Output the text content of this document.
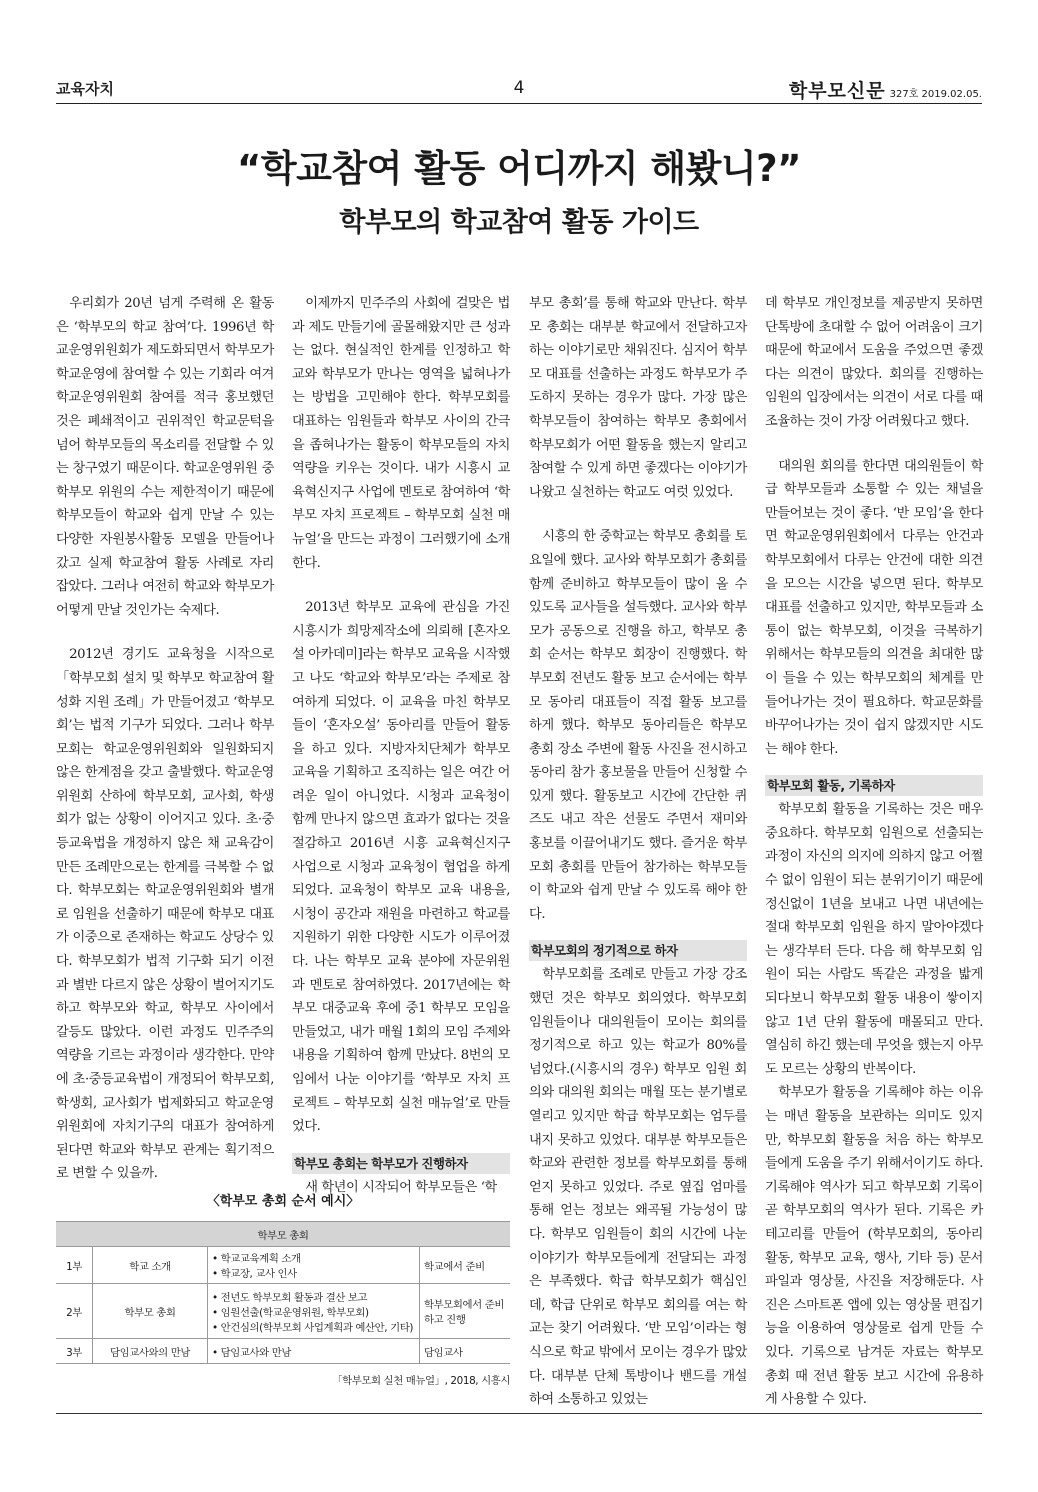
교육자치	4	학부모신문 327호 2019.02.05.
“학교참여 활동 어디까지 해봤니?”
학부모의 학교참여 활동 가이드

우리회가 20년 넘게 주력해 온 활동은 ‘학부모의 학교 참여’다. 1996년 학교운영위원회가 제도화되면서 학부모가 학교운영에 참여할 수 있는 기회라 여겨 학교운영위원회 참여를 적극 홍보했던 것은 폐쇄적이고 권위적인 학교문턱을 넘어 학부모들의 목소리를 전달할 수 있는 창구였기 때문이다. 학교운영위원 중 학부모 위원의 수는 제한적이기 때문에 학부모들이 학교와 쉽게 만날 수 있는 다양한 자원봉사활동 모델을 만들어나갔고 실제 학교참여 활동 사례로 자리 잡았다. 그러나 여전히 학교와 학부모가 어떻게 만날 것인가는 숙제다.

2012년 경기도 교육청을 시작으로 「학부모회 설치 및 학부모 학교참여 활성화 지원 조례」가 만들어졌고 ‘학부모회’는 법적 기구가 되었다. 그러나 학부모회는 학교운영위원회와 일원화되지 않은 한계점을 갖고 출발했다. 학교운영위원회 산하에 학부모회, 교사회, 학생회가 없는 상황이 이어지고 있다. 초·중등교육법을 개정하지 않은 채 교육감이 만든 조례만으로는 한계를 극복할 수 없다. 학부모회는 학교운영위원회와 별개로 임원을 선출하기 때문에 학부모 대표가 이중으로 존재하는 학교도 상당수 있다. 학부모회가 법적 기구화 되기 이전과 별반 다르지 않은 상황이 벌어지기도 하고 학부모와 학교, 학부모 사이에서 갈등도 많았다. 이런 과정도 민주주의 역량을 기르는 과정이라 생각한다. 만약에 초·중등교육법이 개정되어 학부모회, 학생회, 교사회가 법제화되고 학교운영위원회에 자치기구의 대표가 참여하게 된다면 학교와 학부모 관계는 획기적으로 변할 수 있을까.

이제까지 민주주의 사회에 걸맞은 법과 제도 만들기에 골몰해왔지만 큰 성과는 없다. 현실적인 한계를 인정하고 학교와 학부모가 만나는 영역을 넓혀나가는 방법을 고민해야 한다. 학부모회를 대표하는 임원들과 학부모 사이의 간극을 좁혀나가는 활동이 학부모들의 자치역량을 키우는 것이다. 내가 시흥시 교육혁신지구 사업에 멘토로 참여하여 ‘학부모 자치 프로젝트 – 학부모회 실천 매뉴얼’을 만드는 과정이 그러했기에 소개한다.

2013년 학부모 교육에 관심을 가진 시흥시가 희망제작소에 의뢰해 [혼자오설 아카데미]라는 학부모 교육을 시작했고 나도 ‘학교와 학부모’라는 주제로 참여하게 되었다. 이 교육을 마친 학부모들이 ‘혼자오설’ 동아리를 만들어 활동을 하고 있다. 지방자치단체가 학부모 교육을 기획하고 조직하는 일은 여간 어려운 일이 아니었다. 시청과 교육청이 함께 만나지 않으면 효과가 없다는 것을 절감하고 2016년 시흥 교육혁신지구 사업으로 시청과 교육청이 협업을 하게 되었다. 교육청이 학부모 교육 내용을, 시청이 공간과 재원을 마련하고 학교를 지원하기 위한 다양한 시도가 이루어졌다. 나는 학부모 교육 분야에 자문위원과 멘토로 참여하였다. 2017년에는 학부모 대중교육 후에 중1 학부모 모임을 만들었고, 내가 매월 1회의 모임 주제와 내용을 기획하여 함께 만났다. 8번의 모임에서 나눈 이야기를 ‘학부모 자치 프로젝트 – 학부모회 실천 매뉴얼’로 만들었다.

학부모 총회는 학부모가 진행하자

새 학년이 시작되어 학부모들은 ‘학

부모 총회’를 통해 학교와 만난다. 학부모 총회는 대부분 학교에서 전달하고자 하는 이야기로만 채워진다. 심지어 학부모 대표를 선출하는 과정도 학부모가 주도하지 못하는 경우가 많다. 가장 많은 학부모들이 참여하는 학부모 총회에서 학부모회가 어떤 활동을 했는지 알리고 참여할 수 있게 하면 좋겠다는 이야기가 나왔고 실천하는 학교도 여럿 있었다.

시흥의 한 중학교는 학부모 총회를 토요일에 했다. 교사와 학부모회가 총회를 함께 준비하고 학부모들이 많이 올 수 있도록 교사들을 설득했다. 교사와 학부모가 공동으로 진행을 하고, 학부모 총회 순서는 학부모 회장이 진행했다. 학부모회 전년도 활동 보고 순서에는 학부모 동아리 대표들이 직접 활동 보고를 하게 했다. 학부모 동아리들은 학부모 총회 장소 주변에 활동 사진을 전시하고 동아리 참가 홍보물을 만들어 신청할 수 있게 했다. 활동보고 시간에 간단한 퀴즈도 내고 작은 선물도 주면서 재미와 홍보를 이끌어내기도 했다. 즐거운 학부모회 총회를 만들어 참가하는 학부모들이 학교와 쉽게 만날 수 있도록 해야 한다.

학부모회의 정기적으로 하자

학부모회를 조례로 만들고 가장 강조했던 것은 학부모 회의였다. 학부모회 임원들이나 대의원들이 모이는 회의를 정기적으로 하고 있는 학교가 80%를 넘었다.(시흥시의 경우) 학부모 임원 회의와 대의원 회의는 매월 또는 분기별로 열리고 있지만 학급 학부모회는 엄두를 내지 못하고 있었다. 대부분 학부모들은 학교와 관련한 정보를 학부모회를 통해 얻지 못하고 있었다. 주로 옆집 엄마를 통해 얻는 정보는 왜곡될 가능성이 많다. 학부모 임원들이 회의 시간에 나눈 이야기가 학부모들에게 전달되는 과정은 부족했다. 학급 학부모회가 핵심인데, 학급 단위로 학부모 회의를 여는 학교는 찾기 어려웠다. ‘반 모임’이라는 형식으로 학교 밖에서 모이는 경우가 많았다. 대부분 단체 톡방이나 밴드를 개설하여 소통하고 있었는

데 학부모 개인정보를 제공받지 못하면 단톡방에 초대할 수 없어 어려움이 크기 때문에 학교에서 도움을 주었으면 좋겠다는 의견이 많았다. 회의를 진행하는 임원의 입장에서는 의견이 서로 다를 때 조율하는 것이 가장 어려웠다고 했다.

대의원 회의를 한다면 대의원들이 학급 학부모들과 소통할 수 있는 채널을 만들어보는 것이 좋다. ‘반 모임’을 한다면 학교운영위원회에서 다루는 안건과 학부모회에서 다루는 안건에 대한 의견을 모으는 시간을 넣으면 된다. 학부모 대표를 선출하고 있지만, 학부모들과 소통이 없는 학부모회, 이것을 극복하기 위해서는 학부모들의 의견을 최대한 많이 들을 수 있는 학부모회의 체계를 만들어나가는 것이 필요하다. 학교문화를 바꾸어나가는 것이 쉽지 않겠지만 시도는 해야 한다.

학부모회 활동, 기록하자

학부모회 활동을 기록하는 것은 매우 중요하다. 학부모회 임원으로 선출되는 과정이 자신의 의지에 의하지 않고 어쩔 수 없이 임원이 되는 분위기이기 때문에 정신없이 1년을 보내고 나면 내년에는 절대 학부모회 임원을 하지 말아야겠다는 생각부터 든다. 다음 해 학부모회 임원이 되는 사람도 똑같은 과정을 밟게 되다보니 학부모회 활동 내용이 쌓이지 않고 1년 단위 활동에 매몰되고 만다. 열심히 하긴 했는데 무엇을 했는지 아무도 모르는 상황의 반복이다.

학부모가 활동을 기록해야 하는 이유는 매년 활동을 보관하는 의미도 있지만, 학부모회 활동을 처음 하는 학부모들에게 도움을 주기 위해서이기도 하다. 기록해야 역사가 되고 학부모회 기록이 곧 학부모회의 역사가 된다. 기록은 카테고리를 만들어 (학부모회의, 동아리 활동, 학부모 교육, 행사, 기타 등) 문서 파일과 영상물, 사진을 저장해둔다. 사진은 스마트폰 앱에 있는 영상물 편집기능을 이용하여 영상물로 쉽게 만들 수 있다. 기록으로 남겨둔 자료는 학부모 총회 때 전년 활동 보고 시간에 유용하게 사용할 수 있다.

〈학부모 총회 순서 예시〉
학부모 총회			
1부	학교 소개	• 학교교육계획 소개
• 학교장, 교사 인사	학교에서 준비
2부	학부모 총회	• 전년도 학부모회 활동과 결산 보고
• 임원선출(학교운영위원, 학부모회)
• 안건심의(학부모회 사업계획과 예산안, 기타)	학부모회에서 준비하고 진행
3부	담임교사와의 만남	• 담임교사와 만남	담임교사
「학부모회 실천 매뉴얼」, 2018, 시흥시
